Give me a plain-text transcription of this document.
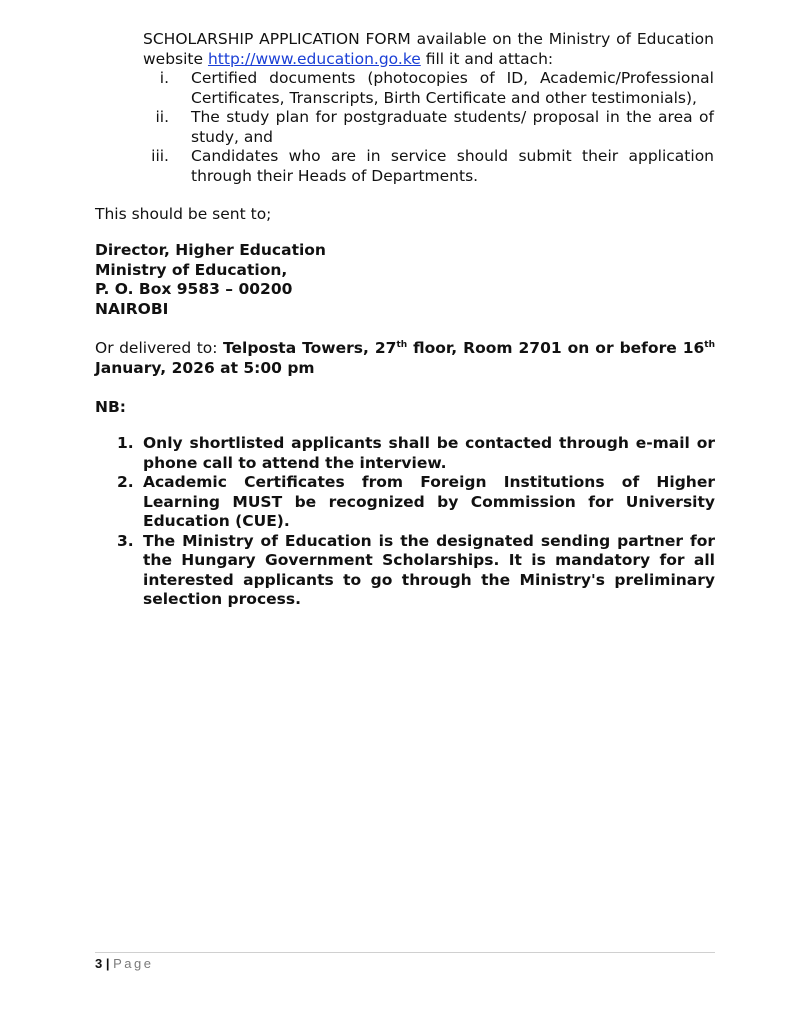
SCHOLARSHIP APPLICATION FORM available on the Ministry of Education website http://www.education.go.ke fill it and attach:

i. Certified documents (photocopies of ID, Academic/Professional Certificates, Transcripts, Birth Certificate and other testimonials),
ii. The study plan for postgraduate students/ proposal in the area of study, and
iii. Candidates who are in service should submit their application through their Heads of Departments.

This should be sent to;

Director, Higher Education
Ministry of Education,
P. O. Box 9583 – 00200
NAIROBI

Or delivered to: Telposta Towers, 27th floor, Room 2701 on or before 16th January, 2026 at 5:00 pm

NB:

1. Only shortlisted applicants shall be contacted through e-mail or phone call to attend the interview.
2. Academic Certificates from Foreign Institutions of Higher Learning MUST be recognized by Commission for University Education (CUE).
3. The Ministry of Education is the designated sending partner for the Hungary Government Scholarships. It is mandatory for all interested applicants to go through the Ministry's preliminary selection process.
3 | Page
